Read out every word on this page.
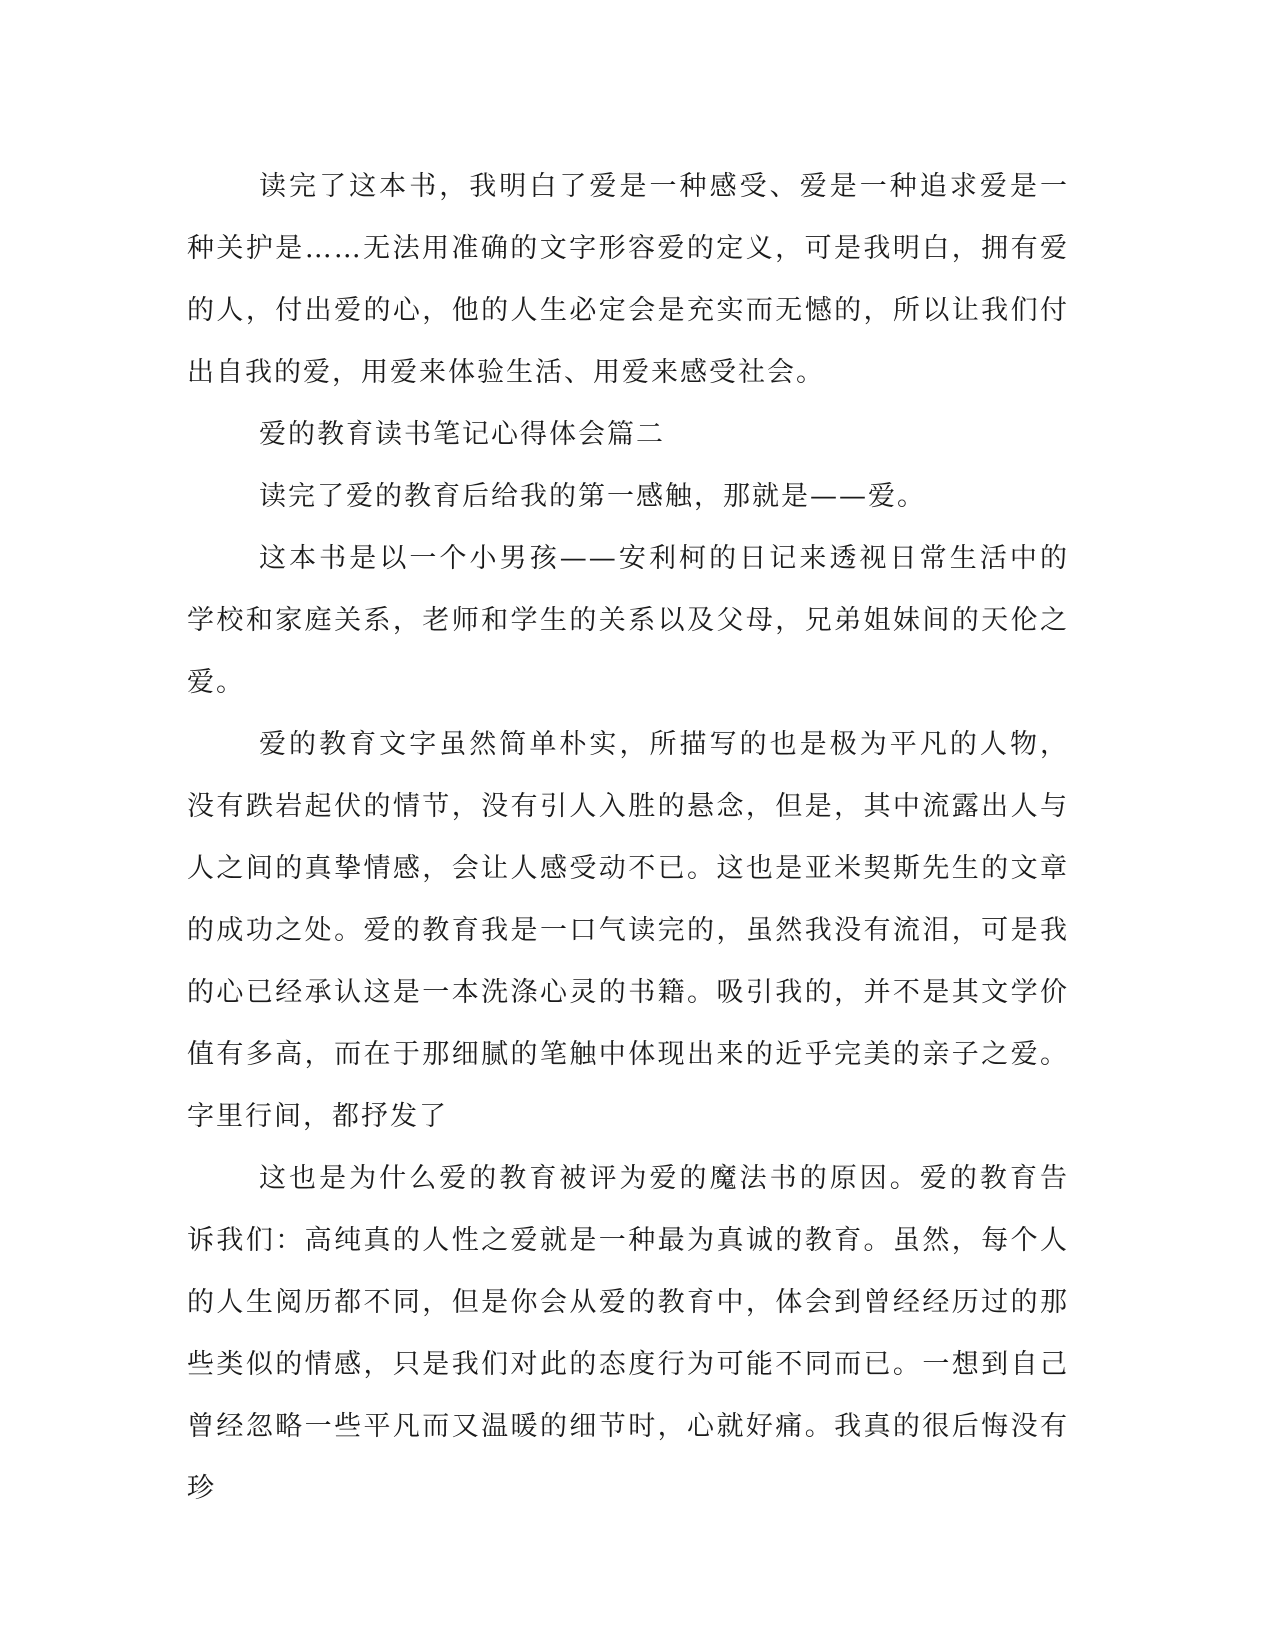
读完了这本书，我明白了爱是一种感受、爱是一种追求爱是一种关护是……无法用准确的文字形容爱的定义，可是我明白，拥有爱的人，付出爱的心，他的人生必定会是充实而无憾的，所以让我们付出自我的爱，用爱来体验生活、用爱来感受社会。

爱的教育读书笔记心得体会篇二

读完了爱的教育后给我的第一感触，那就是——爱。

这本书是以一个小男孩——安利柯的日记来透视日常生活中的学校和家庭关系，老师和学生的关系以及父母，兄弟姐妹间的天伦之爱。

爱的教育文字虽然简单朴实，所描写的也是极为平凡的人物，没有跌岩起伏的情节，没有引人入胜的悬念，但是，其中流露出人与人之间的真挚情感，会让人感受动不已。这也是亚米契斯先生的文章的成功之处。爱的教育我是一口气读完的，虽然我没有流泪，可是我的心已经承认这是一本洗涤心灵的书籍。吸引我的，并不是其文学价值有多高，而在于那细腻的笔触中体现出来的近乎完美的亲子之爱。字里行间，都抒发了

这也是为什么爱的教育被评为爱的魔法书的原因。爱的教育告诉我们：高纯真的人性之爱就是一种最为真诚的教育。虽然，每个人的人生阅历都不同，但是你会从爱的教育中，体会到曾经经历过的那些类似的情感，只是我们对此的态度行为可能不同而已。一想到自己曾经忽略一些平凡而又温暖的细节时，心就好痛。我真的很后悔没有珍
